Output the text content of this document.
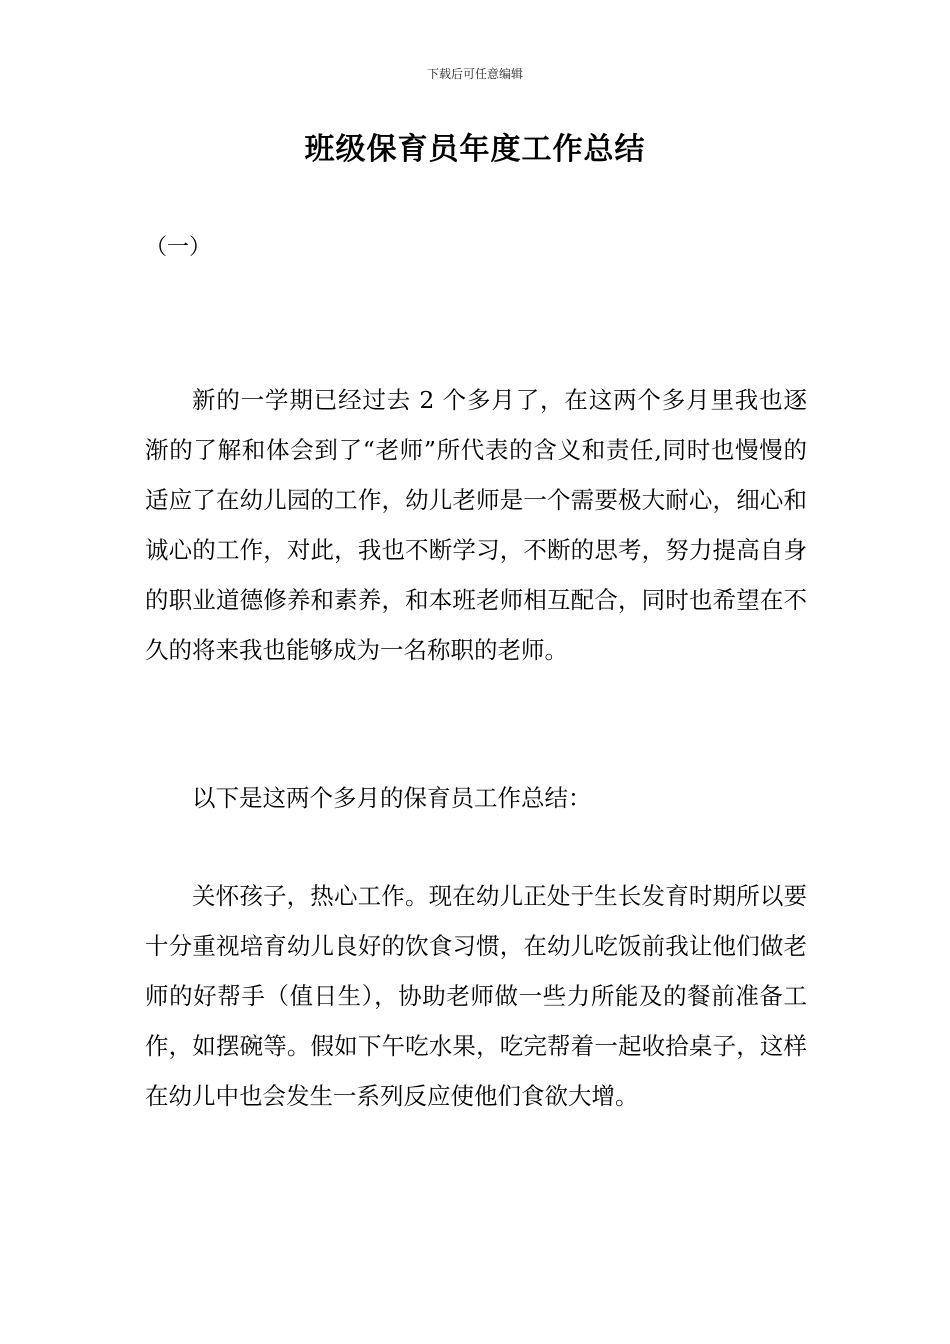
下载后可任意编辑
班级保育员年度工作总结
（一）

新的一学期已经过去 2 个多月了，在这两个多月里我也逐渐的了解和体会到了“老师”所代表的含义和责任,同时也慢慢的适应了在幼儿园的工作，幼儿老师是一个需要极大耐心，细心和诚心的工作，对此，我也不断学习，不断的思考，努力提高自身的职业道德修养和素养，和本班老师相互配合，同时也希望在不久的将来我也能够成为一名称职的老师。

以下是这两个多月的保育员工作总结：

关怀孩子，热心工作。现在幼儿正处于生长发育时期所以要十分重视培育幼儿良好的饮食习惯，在幼儿吃饭前我让他们做老师的好帮手（值日生），协助老师做一些力所能及的餐前准备工作，如摆碗等。假如下午吃水果，吃完帮着一起收拾桌子，这样在幼儿中也会发生一系列反应使他们食欲大增。
